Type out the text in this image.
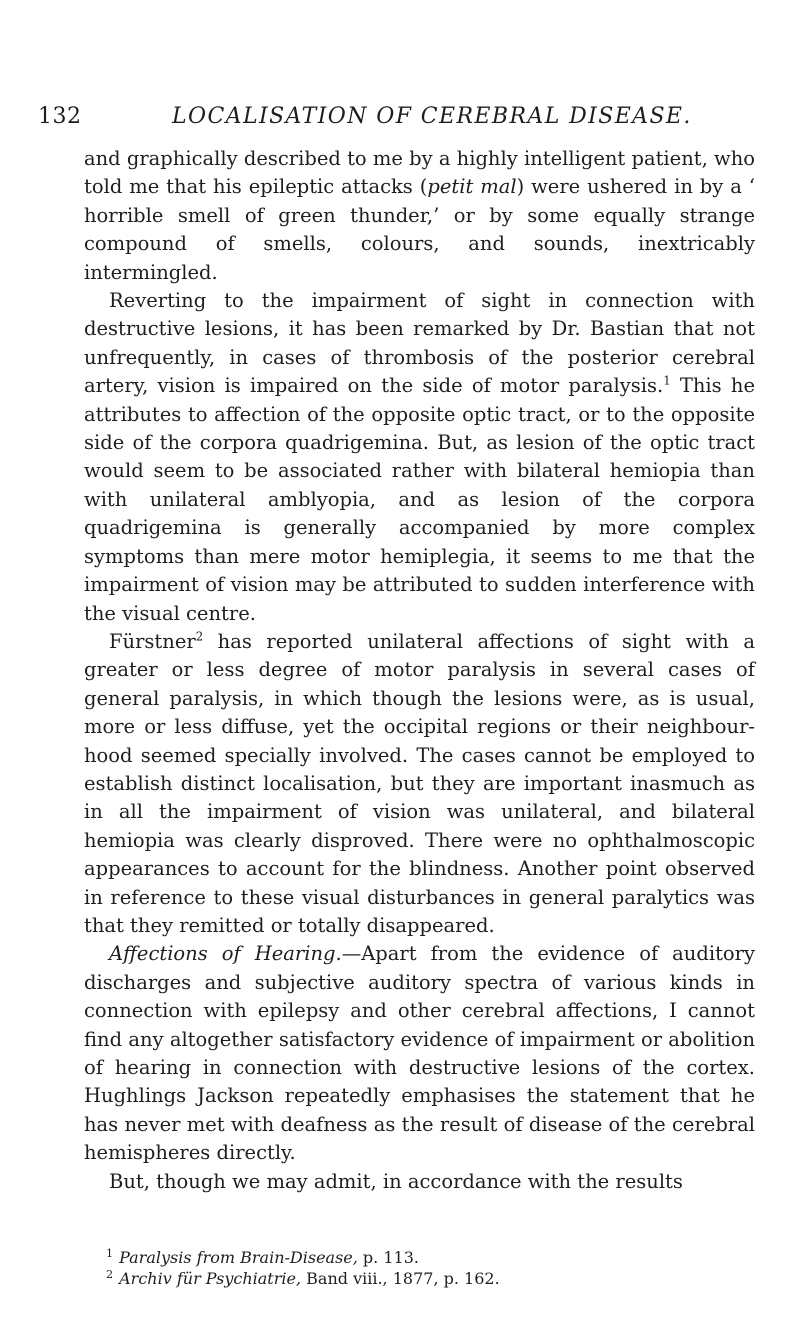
132	LOCALISATION OF CEREBRAL DISEASE.

and graphically described to me by a highly intelligent patient, who told me that his epileptic attacks (petit mal) were ushered in by a ‘ horrible smell of green thunder,’ or by some equally strange compound of smells, colours, and sounds, inextricably intermingled.

Reverting to the impairment of sight in connection with destructive lesions, it has been remarked by Dr. Bastian that not unfrequently, in cases of thrombosis of the posterior cerebral artery, vision is impaired on the side of motor paralysis.$^1$ This he attributes to affection of the opposite optic tract, or to the opposite side of the corpora quadrigemina. But, as lesion of the optic tract would seem to be associated rather with bilateral hemiopia than with unilateral amblyopia, and as lesion of the corpora quadrigemina is generally accompanied by more complex symptoms than mere motor hemiplegia, it seems to me that the impairment of vision may be attributed to sudden interference with the visual centre.

Fürstner$^2$ has reported unilateral affections of sight with a greater or less degree of motor paralysis in several cases of general paralysis, in which though the lesions were, as is usual, more or less diffuse, yet the occipital regions or their neighbourhood seemed specially involved. The cases cannot be employed to establish distinct localisation, but they are important inasmuch as in all the impairment of vision was unilateral, and bilateral hemiopia was clearly disproved. There were no ophthalmoscopic appearances to account for the blindness. Another point observed in reference to these visual disturbances in general paralytics was that they remitted or totally disappeared.

Affections of Hearing.—Apart from the evidence of auditory discharges and subjective auditory spectra of various kinds in connection with epilepsy and other cerebral affections, I cannot find any altogether satisfactory evidence of impairment or abolition of hearing in connection with destructive lesions of the cortex. Hughlings Jackson repeatedly emphasises the statement that he has never met with deafness as the result of disease of the cerebral hemispheres directly.

But, though we may admit, in accordance with the results

$^1$ Paralysis from Brain-Disease, p. 113.

$^2$ Archiv für Psychiatrie, Band viii., 1877, p. 162.
